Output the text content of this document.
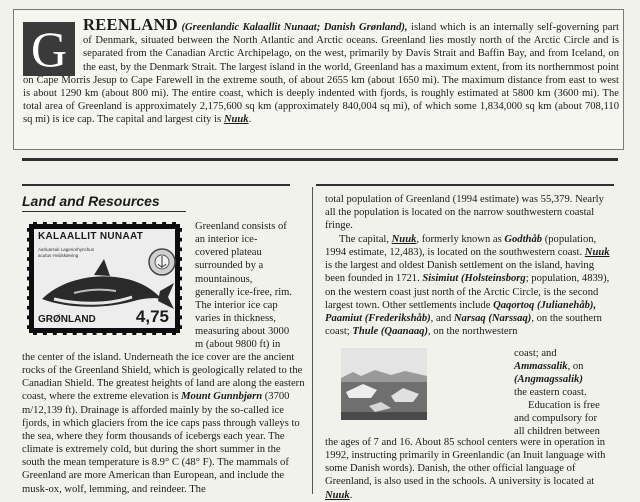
G REENLAND (Greenlandic Kalaallit Nunaat; Danish Grønland), island which is an internally self-governing part of Denmark, situated between the North Atlantic and Arctic oceans. Greenland lies mostly north of the Arctic Circle and is separated from the Canadian Arctic Archipelago, on the west, primarily by Davis Strait and Baffin Bay, and from Iceland, on the east, by the Denmark Strait. The largest island in the world, Greenland has a maximum extent, from its northernmost point on Cape Morris Jesup to Cape Farewell in the extreme south, of about 2655 km (about 1650 mi). The maximum distance from east to west is about 1290 km (about 800 mi). The entire coast, which is deeply indented with fjords, is roughly estimated at 5800 km (3600 mi). The total area of Greenland is approximately 2,175,600 sq km (approximately 840,004 sq mi), of which some 1,834,000 sq km (about 708,110 sq mi) is ice cap. The capital and largest city is Nuuk.

Land and Resources
KALAALLIT NUNAAT
Aarluarsuk Lagenorhynchus acutus Hvidskæving
GRØNLAND 4,75
Greenland consists of
an interior ice-
covered plateau
surrounded by a
mountainous,
generally ice-free, rim.
The interior ice cap
varies in thickness,
measuring about 3000
m (about 9800 ft) in

the center of the island. Underneath the ice cover are the ancient rocks of the Greenland Shield, which is geologically related to the Canadian Shield. The greatest heights of land are along the eastern coast, where the extreme elevation is Mount Gunnbjørn (3700 m/12,139 ft). Drainage is afforded mainly by the so-called ice fjords, in which glaciers from the ice caps pass through valleys to the sea, where they form thousands of icebergs each year. The climate is extremely cold, but during the short summer in the south the mean temperature is 8.9° C (48° F). The mammals of Greenland are more American than European, and include the musk-ox, wolf, lemming, and reindeer. The

total population of Greenland (1994 estimate) was 55,379. Nearly all the population is located on the narrow southwestern coastal fringe.

The capital, Nuuk, formerly known as Godthåb (population, 1994 estimate, 12,483), is located on the southwestern coast. Nuuk is the largest and oldest Danish settlement on the island, having been founded in 1721. Sisimiut (Holsteinsborg; population, 4839), on the western coast just north of the Arctic Circle, is the second largest town. Other settlements include Qaqortoq (Julianehåb), Paamiut (Frederikshåb), and Narsaq (Narssaq), on the southern coast; Thule (Qaanaaq), on the northwestern

coast; and
Ammassalik, on
(Angmagssalik)
the eastern coast.
Education is free
and compulsory for
all children between

the ages of 7 and 16. About 85 school centers were in operation in 1992, instructing primarily in Greenlandic (an Inuit language with some Danish words). Danish, the other official language of Greenland, is also used in the schools. A university is located at Nuuk.
